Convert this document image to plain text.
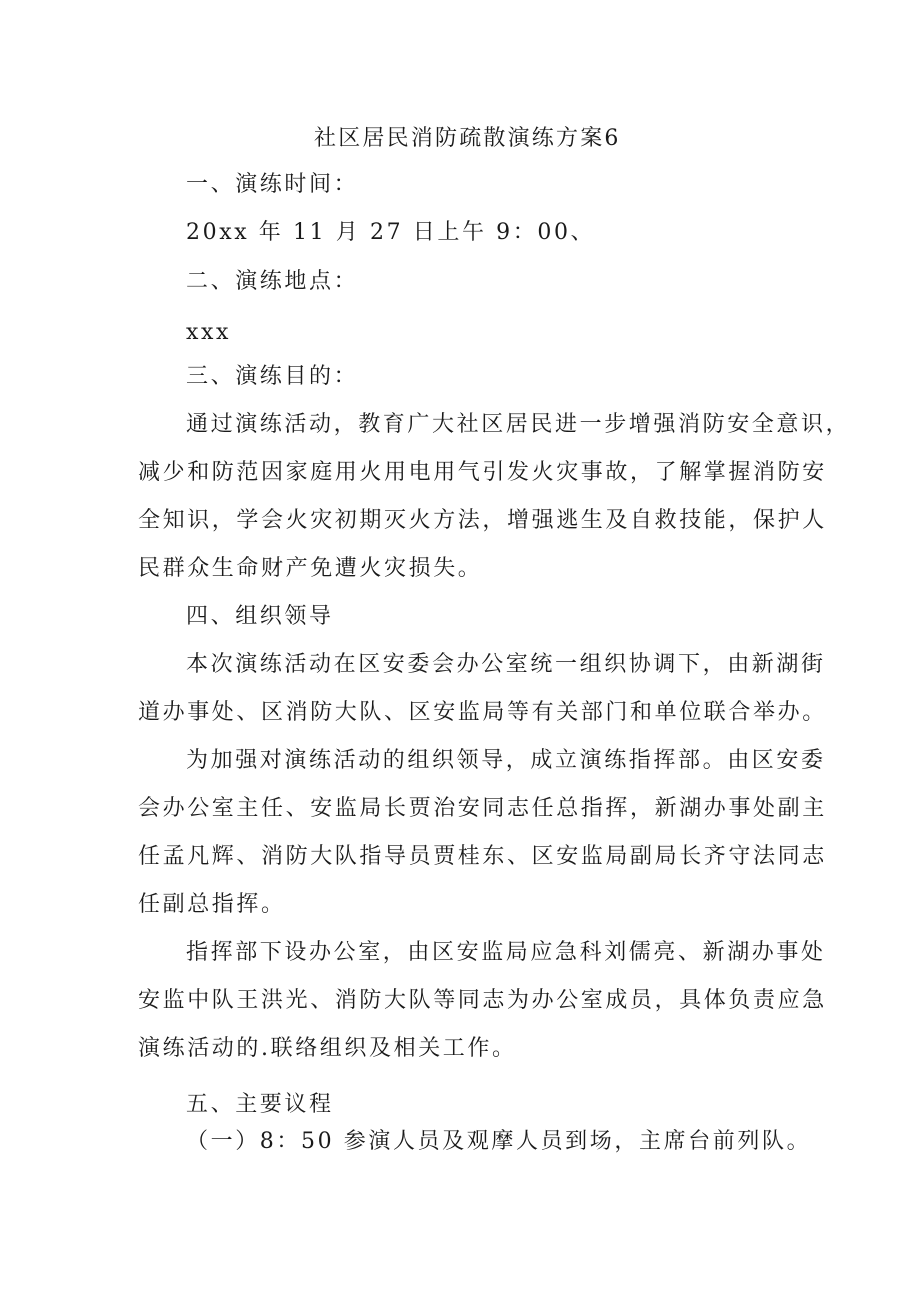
社区居民消防疏散演练方案6
一、演练时间：
20xx 年 11 月 27 日上午 9：00、
二、演练地点：
xxx
三、演练目的：
通过演练活动，教育广大社区居民进一步增强消防安全意识，
减少和防范因家庭用火用电用气引发火灾事故，了解掌握消防安
全知识，学会火灾初期灭火方法，增强逃生及自救技能，保护人
民群众生命财产免遭火灾损失。
四、组织领导
本次演练活动在区安委会办公室统一组织协调下，由新湖街
道办事处、区消防大队、区安监局等有关部门和单位联合举办。
为加强对演练活动的组织领导，成立演练指挥部。由区安委
会办公室主任、安监局长贾治安同志任总指挥，新湖办事处副主
任孟凡辉、消防大队指导员贾桂东、区安监局副局长齐守法同志
任副总指挥。
指挥部下设办公室，由区安监局应急科刘儒亮、新湖办事处
安监中队王洪光、消防大队等同志为办公室成员，具体负责应急
演练活动的.联络组织及相关工作。
五、主要议程
（一）8：50 参演人员及观摩人员到场，主席台前列队。
